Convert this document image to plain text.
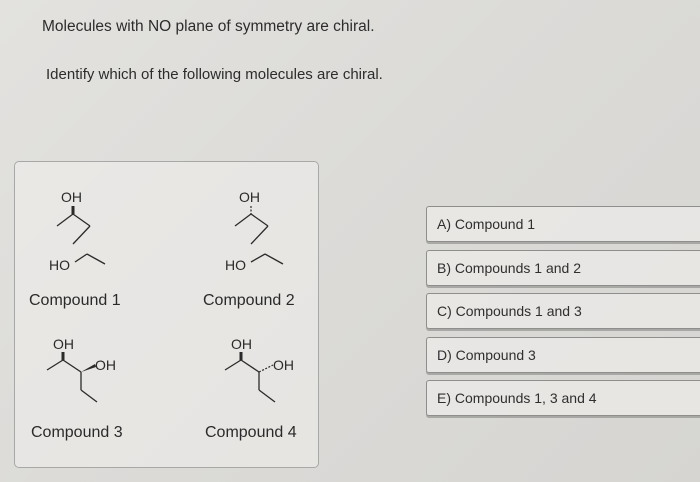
Molecules with NO plane of symmetry are chiral.
Identify which of the following molecules are chiral.
OH
HO
Compound 1
OH
HO
Compound 2
OH
OH
Compound 3
OH
OH
Compound 4
A) Compound 1
B) Compounds 1 and 2
C) Compounds 1 and 3
D) Compound 3
E) Compounds 1, 3 and 4
